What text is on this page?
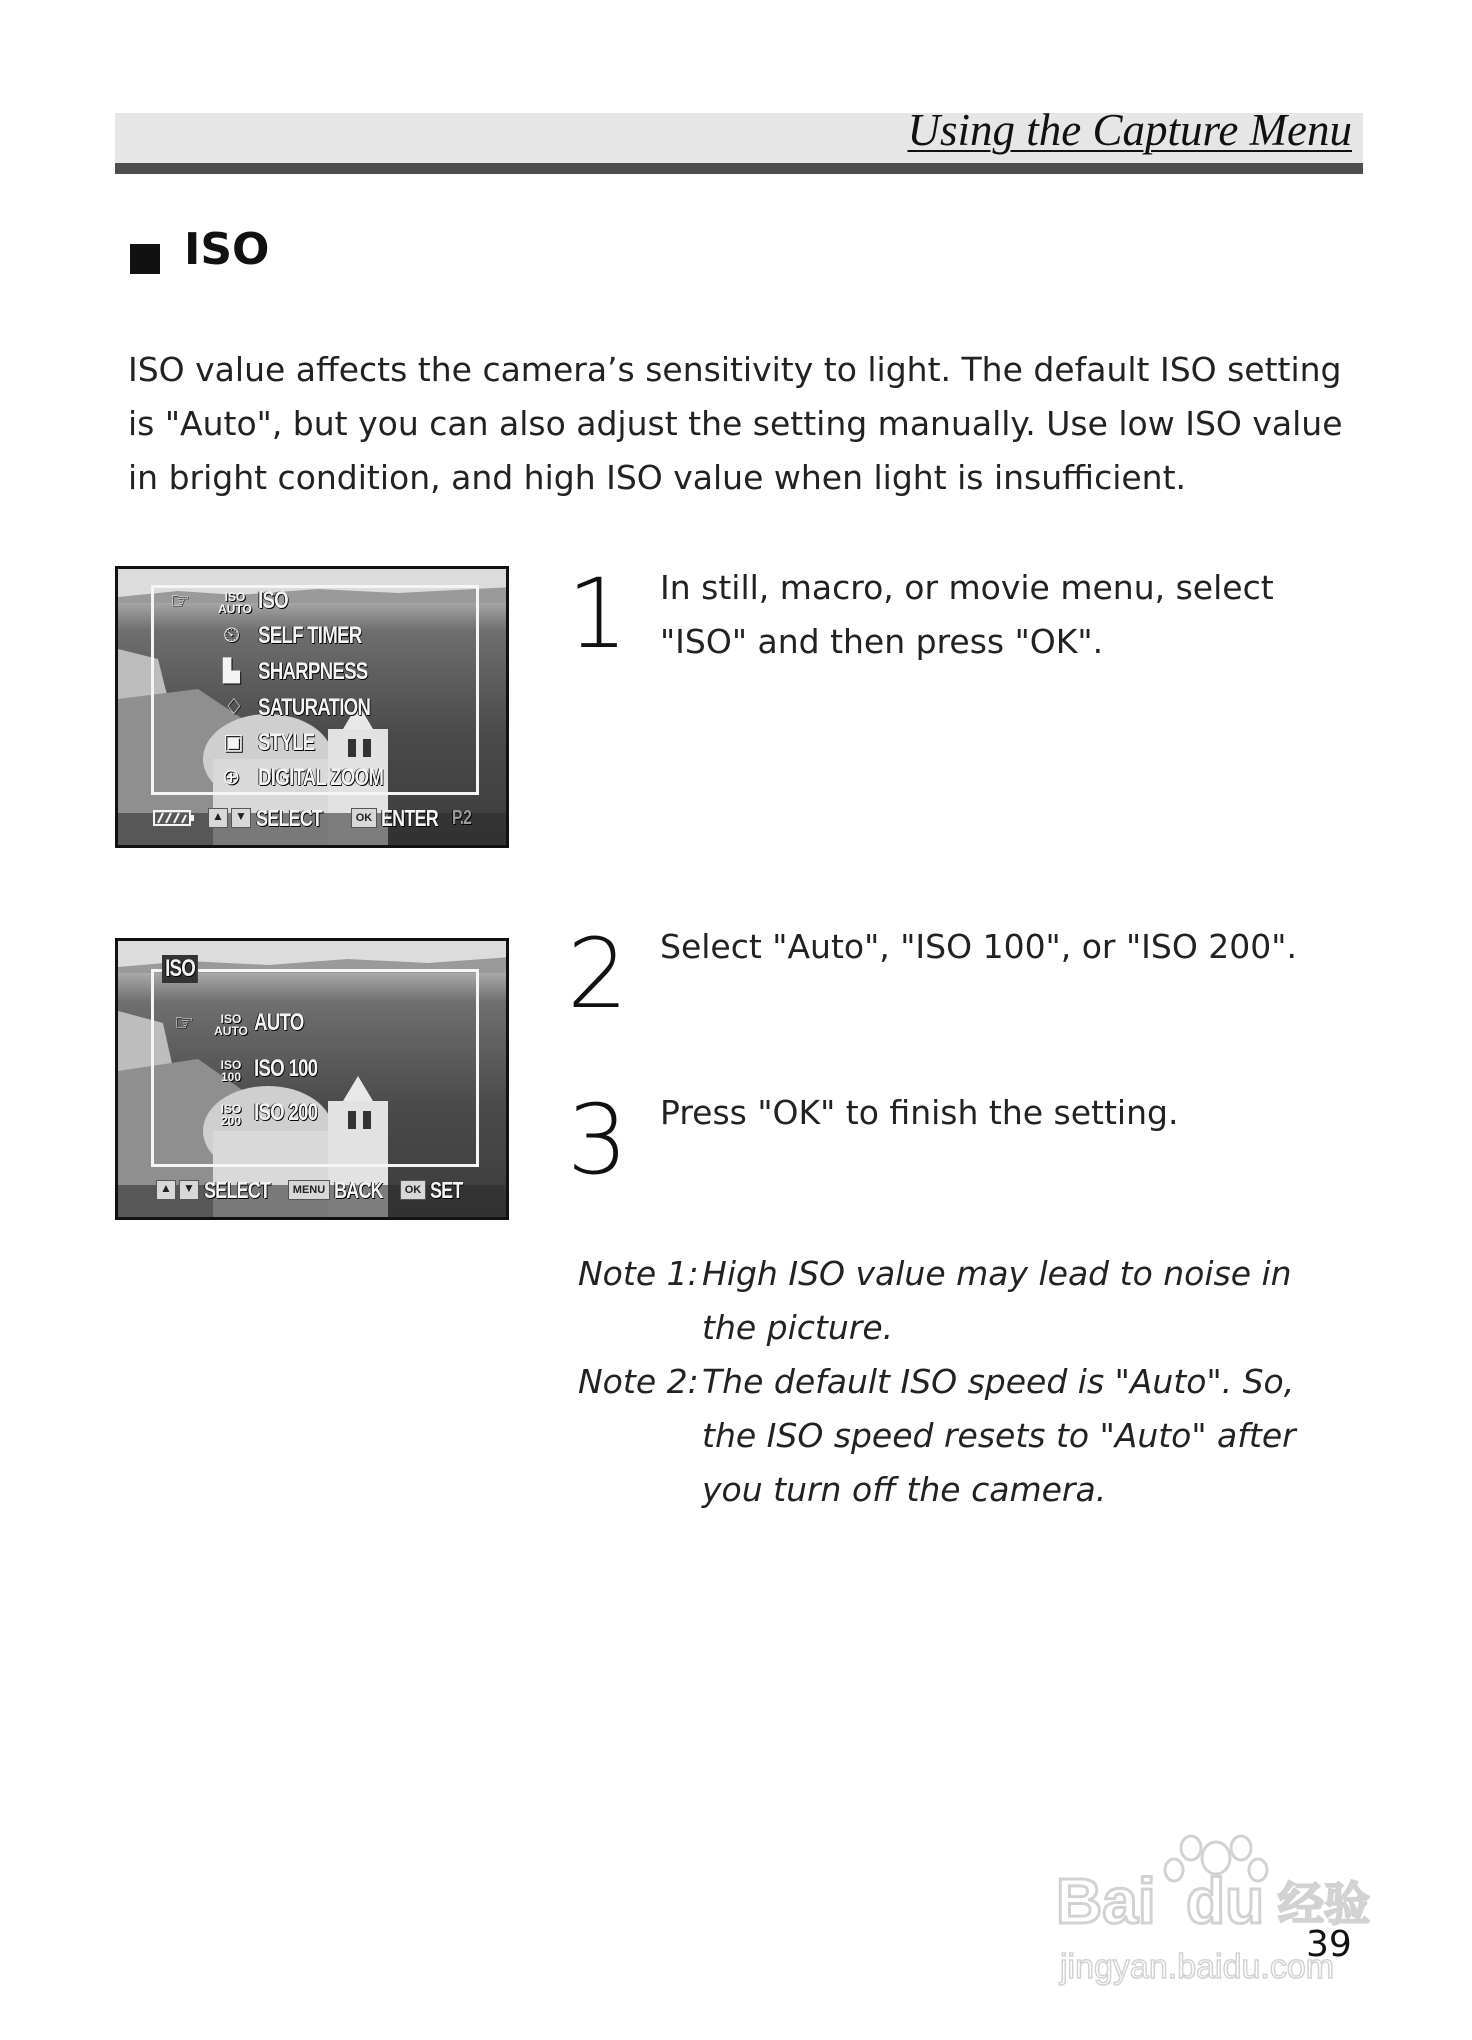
Using the Capture Menu
ISO

ISO value affects the camera’s sensitivity to light. The default ISO setting is "Auto", but you can also adjust the setting manually. Use low ISO value in bright condition, and high ISO value when light is insufficient.

☞	ISO
AUTO ISO
⏲ SELF TIMER
▙ SHARPNESS
♢ SATURATION
▣ STYLE
⊕ DIGITAL ZOOM
▲ ▼ SELECT	OK ENTER P.2
ISO
☞	ISO
AUTO AUTO
ISO
100 ISO 100
ISO
200 ISO 200
▲ ▼ SELECT	MENU BACK	OK SET
1 In still, macro, or movie menu, select "ISO" and then press "OK".

2 Select "Auto", "ISO 100", or "ISO 200".

3 Press "OK" to finish the setting.

Note 1: High ISO value may lead to noise in the picture.
Note 2: The default ISO speed is "Auto". So, the ISO speed resets to "Auto" after you turn off the camera.
Bai du 经验
jingyan.baidu.com
39
